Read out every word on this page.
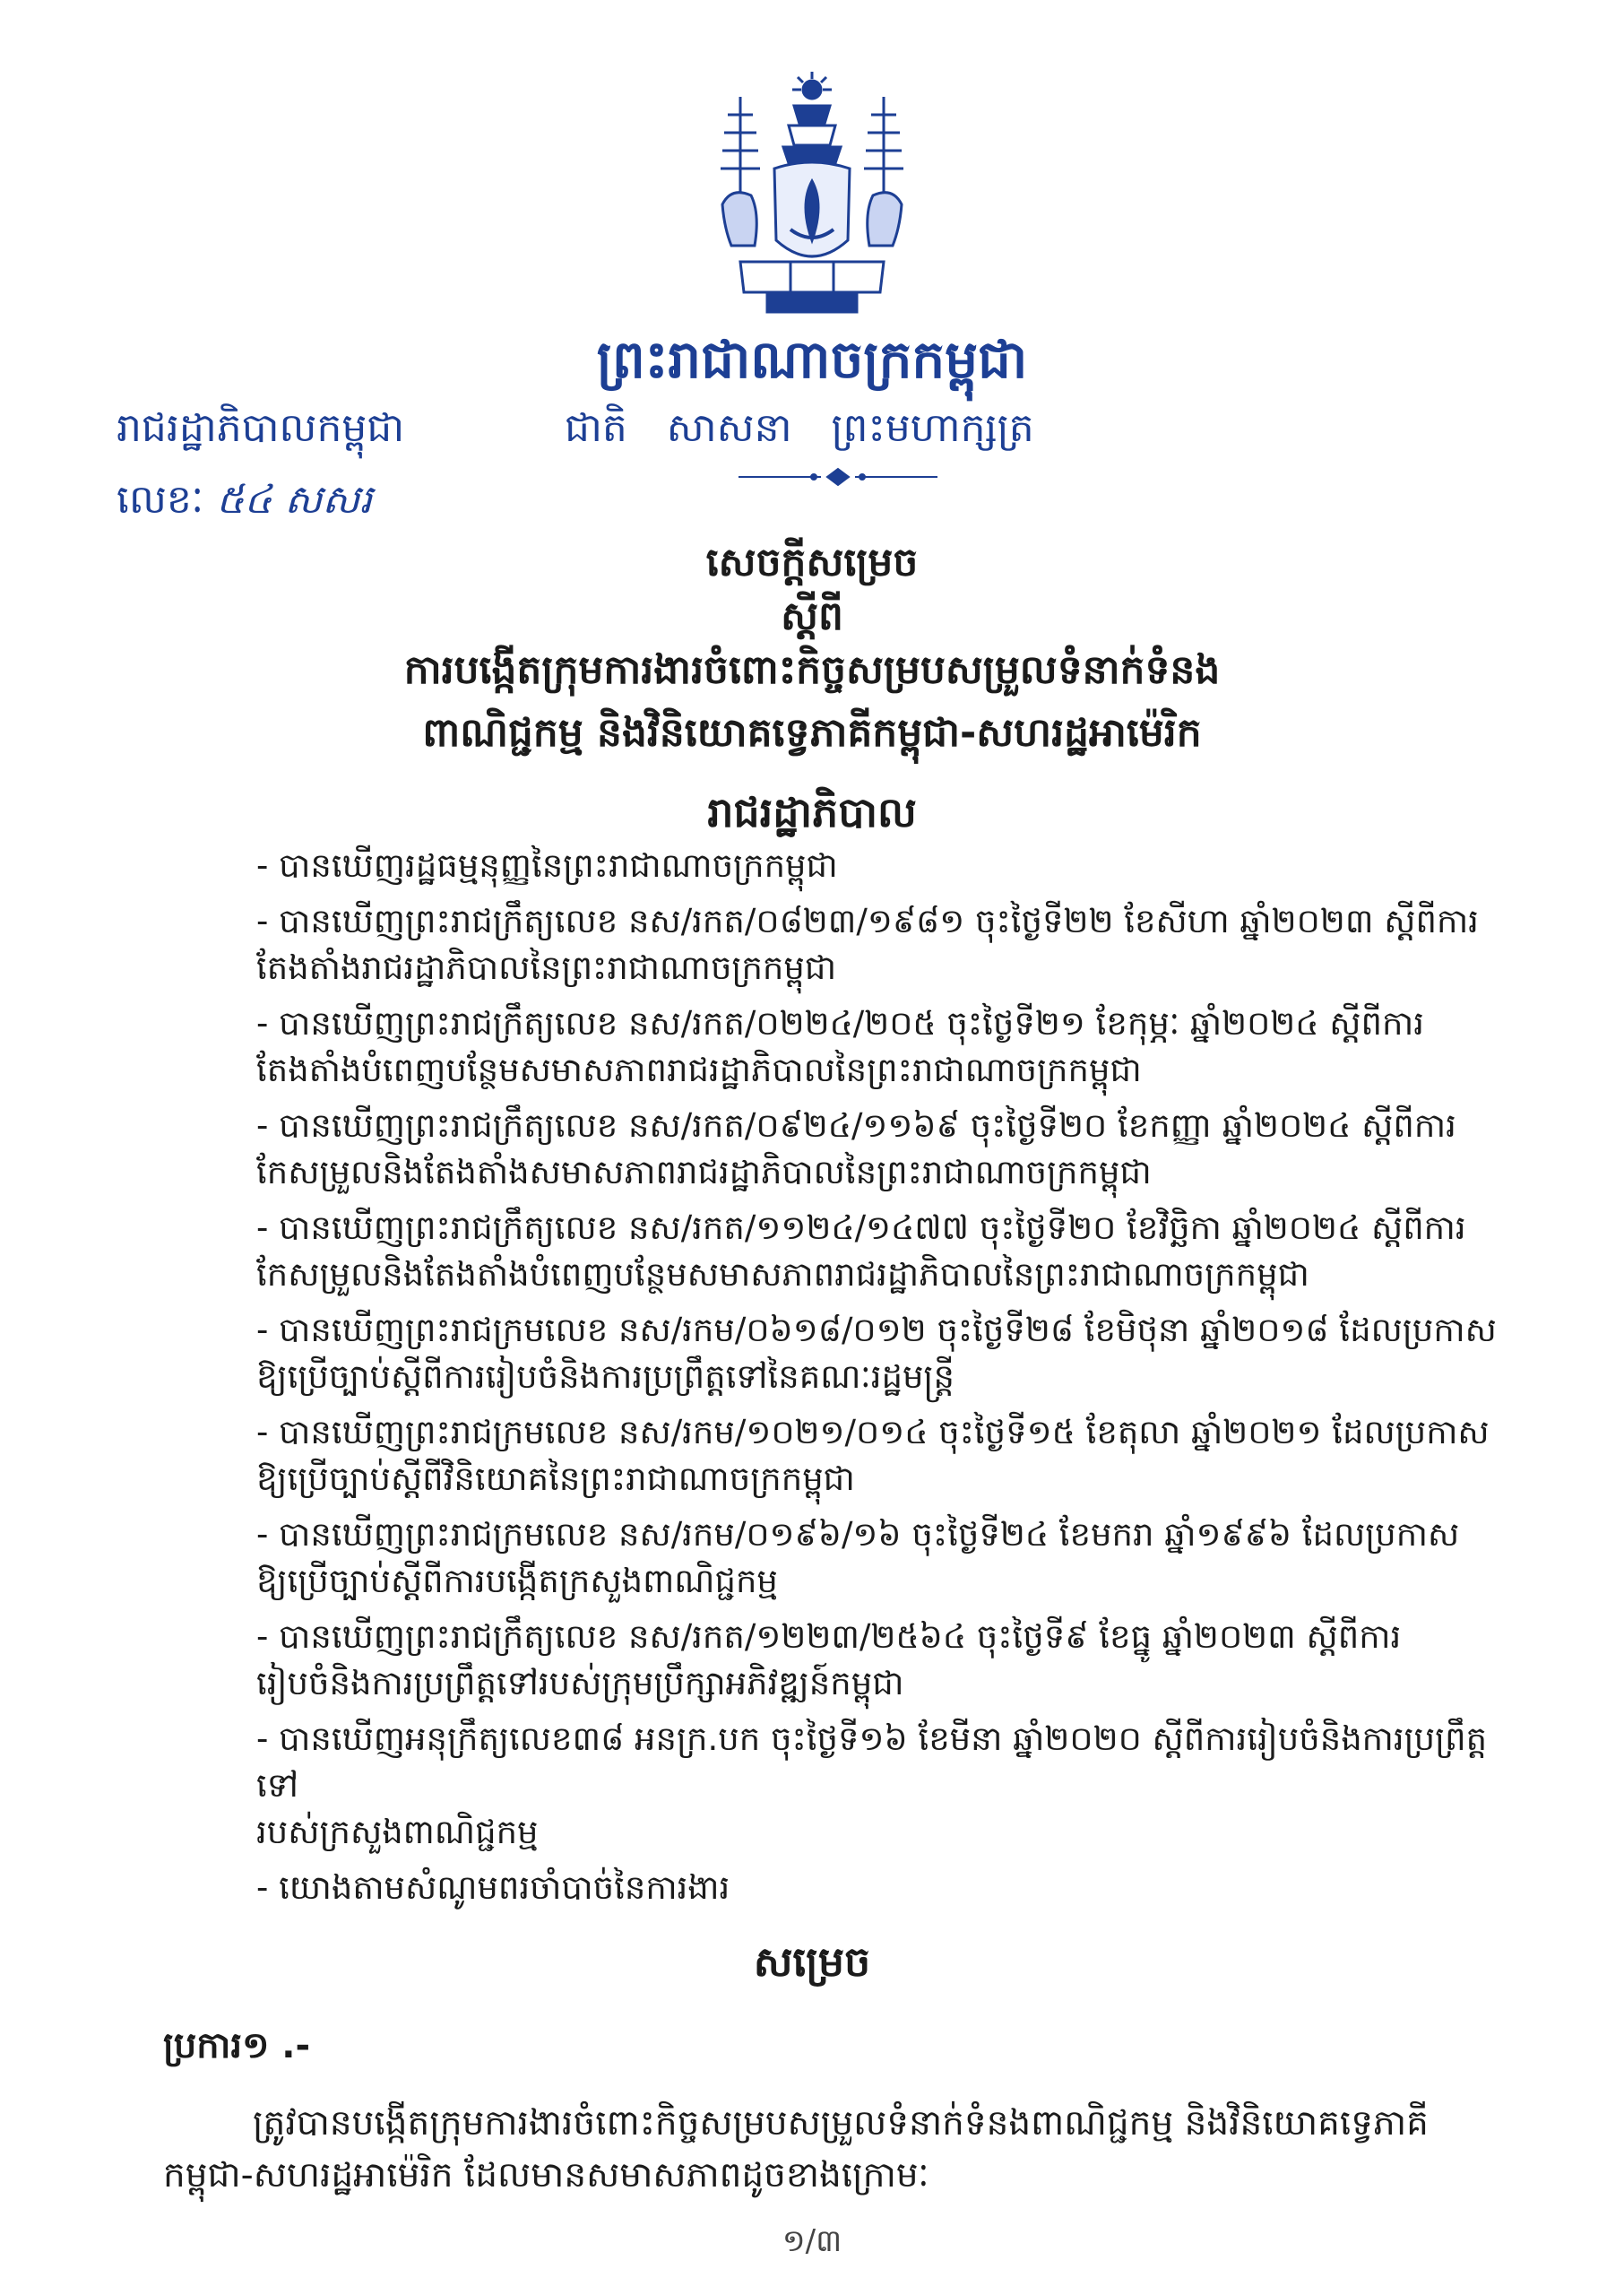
ព្រះរាជាណាចក្រកម្ពុជា
រាជរដ្ឋាភិបាលកម្ពុជា	ជាតិ សាសនា ព្រះមហាក្សត្រ
លេខៈ ៥៤ សសរ
សេចក្ដីសម្រេច
ស្ដីពី
ការបង្កើតក្រុមការងារចំពោះកិច្ចសម្របសម្រួលទំនាក់ទំនង
ពាណិជ្ជកម្ម និងវិនិយោគទ្វេភាគីកម្ពុជា-សហរដ្ឋអាម៉េរិក
រាជរដ្ឋាភិបាល
- បានឃើញរដ្ឋធម្មនុញ្ញនៃព្រះរាជាណាចក្រកម្ពុជា
- បានឃើញព្រះរាជក្រឹត្យលេខ នស/រកត/០៨២៣/១៩៨១ ចុះថ្ងៃទី២២ ខែសីហា ឆ្នាំ២០២៣ ស្ដីពីការ
តែងតាំងរាជរដ្ឋាភិបាលនៃព្រះរាជាណាចក្រកម្ពុជា
- បានឃើញព្រះរាជក្រឹត្យលេខ នស/រកត/០២២៤/២០៥ ចុះថ្ងៃទី២១ ខែកុម្ភៈ ឆ្នាំ២០២៤ ស្ដីពីការ
តែងតាំងបំពេញបន្ថែមសមាសភាពរាជរដ្ឋាភិបាលនៃព្រះរាជាណាចក្រកម្ពុជា
- បានឃើញព្រះរាជក្រឹត្យលេខ នស/រកត/០៩២៤/១១៦៩ ចុះថ្ងៃទី២០ ខែកញ្ញា ឆ្នាំ២០២៤ ស្ដីពីការ
កែសម្រួលនិងតែងតាំងសមាសភាពរាជរដ្ឋាភិបាលនៃព្រះរាជាណាចក្រកម្ពុជា
- បានឃើញព្រះរាជក្រឹត្យលេខ នស/រកត/១១២៤/១៤៧៧ ចុះថ្ងៃទី២០ ខែវិច្ឆិកា ឆ្នាំ២០២៤ ស្ដីពីការ
កែសម្រួលនិងតែងតាំងបំពេញបន្ថែមសមាសភាពរាជរដ្ឋាភិបាលនៃព្រះរាជាណាចក្រកម្ពុជា
- បានឃើញព្រះរាជក្រមលេខ នស/រកម/០៦១៨/០១២ ចុះថ្ងៃទី២៨ ខែមិថុនា ឆ្នាំ២០១៨ ដែលប្រកាស
ឱ្យប្រើច្បាប់ស្ដីពីការរៀបចំនិងការប្រព្រឹត្តទៅនៃគណៈរដ្ឋមន្ត្រី
- បានឃើញព្រះរាជក្រមលេខ នស/រកម/១០២១/០១៤ ចុះថ្ងៃទី១៥ ខែតុលា ឆ្នាំ២០២១ ដែលប្រកាស
ឱ្យប្រើច្បាប់ស្ដីពីវិនិយោគនៃព្រះរាជាណាចក្រកម្ពុជា
- បានឃើញព្រះរាជក្រមលេខ នស/រកម/០១៩៦/១៦ ចុះថ្ងៃទី២៤ ខែមករា ឆ្នាំ១៩៩៦ ដែលប្រកាស
ឱ្យប្រើច្បាប់ស្ដីពីការបង្កើតក្រសួងពាណិជ្ជកម្ម
- បានឃើញព្រះរាជក្រឹត្យលេខ នស/រកត/១២២៣/២៥៦៤ ចុះថ្ងៃទី៩ ខែធ្នូ ឆ្នាំ២០២៣ ស្ដីពីការ
រៀបចំនិងការប្រព្រឹត្តទៅរបស់ក្រុមប្រឹក្សាអភិវឌ្ឍន៍កម្ពុជា
- បានឃើញអនុក្រឹត្យលេខ៣៨ អនក្រ.បក ចុះថ្ងៃទី១៦ ខែមីនា ឆ្នាំ២០២០ ស្ដីពីការរៀបចំនិងការប្រព្រឹត្តទៅ
របស់ក្រសួងពាណិជ្ជកម្ម
- យោងតាមសំណូមពរចាំបាច់នៃការងារ
សម្រេច
ប្រការ១ .-
ត្រូវបានបង្កើតក្រុមការងារចំពោះកិច្ចសម្របសម្រួលទំនាក់ទំនងពាណិជ្ជកម្ម និងវិនិយោគទ្វេភាគីកម្ពុជា-សហរដ្ឋអាម៉េរិក ដែលមានសមាសភាពដូចខាងក្រោមៈ
១/៣
